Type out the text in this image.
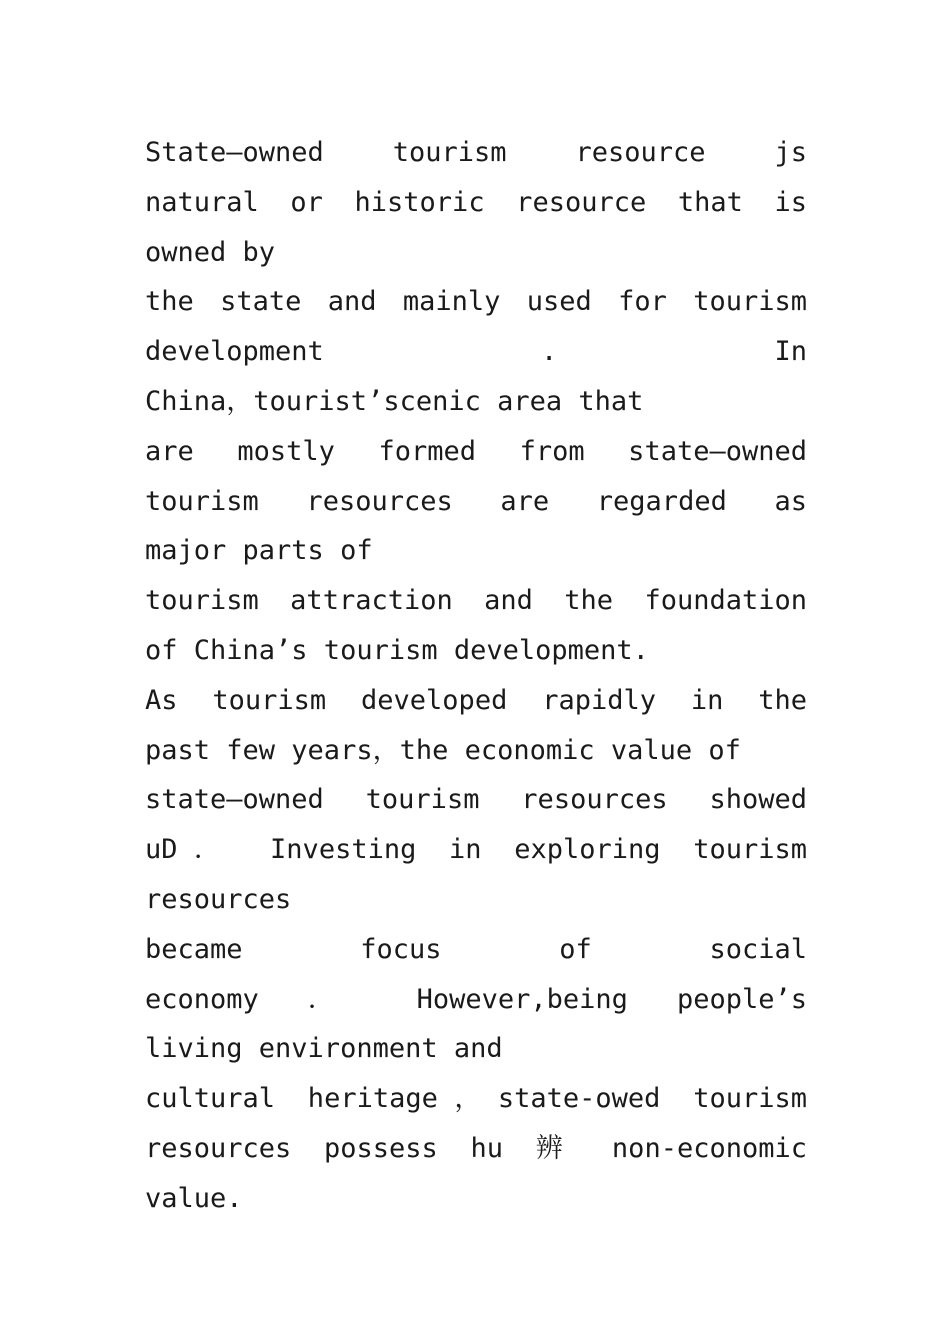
State—owned tourism resource js
natural or historic resource that is
owned by
the state and mainly used for tourism
development . In
China，tourist’scenic area that
are mostly formed from state—owned
tourism resources are regarded as
major parts of
tourism attraction and the foundation
of China’s tourism development.
As tourism developed rapidly in the
past few years，the economic value of
state—owned tourism resources showed
uD． Investing in exploring tourism
resources
became focus of social
economy ． However,being people’s
living environment and
cultural heritage，state-owed tourism
resources possess hu 辨 non-economic
value.
